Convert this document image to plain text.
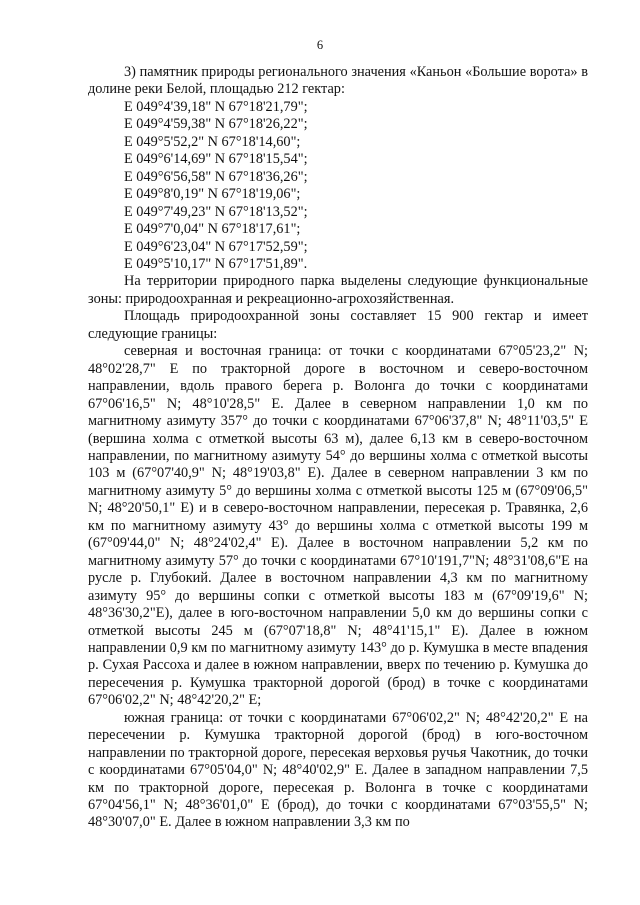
6

3) памятник природы регионального значения «Каньон «Большие ворота» в долине реки Белой, площадью 212 гектар:

Е 049°4'39,18" N 67°18'21,79";
Е 049°4'59,38" N 67°18'26,22";
Е 049°5'52,2" N 67°18'14,60";
Е 049°6'14,69" N 67°18'15,54";
Е 049°6'56,58" N 67°18'36,26";
Е 049°8'0,19" N 67°18'19,06";
Е 049°7'49,23" N 67°18'13,52";
Е 049°7'0,04" N 67°18'17,61";
Е 049°6'23,04" N 67°17'52,59";
Е 049°5'10,17" N 67°17'51,89".

На территории природного парка выделены следующие функциональные зоны: природоохранная и рекреационно-агрохозяйственная.

Площадь природоохранной зоны составляет 15 900 гектар и имеет следующие границы:

северная и восточная граница: от точки с координатами 67°05'23,2" N; 48°02'28,7" Е по тракторной дороге в восточном и северо-восточном направлении, вдоль правого берега р. Волонга до точки с координатами 67°06'16,5" N; 48°10'28,5" Е. Далее в северном направлении 1,0 км по магнитному азимуту 357° до точки с координатами 67°06'37,8" N; 48°11'03,5" Е (вершина холма с отметкой высоты 63 м), далее 6,13 км в северо-восточном направлении, по магнитному азимуту 54° до вершины холма с отметкой высоты 103 м (67°07'40,9" N; 48°19'03,8" Е). Далее в северном направлении 3 км по магнитному азимуту 5° до вершины холма с отметкой высоты 125 м (67°09'06,5" N; 48°20'50,1" Е) и в северо-восточном направлении, пересекая р. Травянка, 2,6 км по магнитному азимуту 43° до вершины холма с отметкой высоты 199 м (67°09'44,0" N; 48°24'02,4" Е). Далее в восточном направлении 5,2 км по магнитному азимуту 57° до точки с координатами 67°10'191,7"N; 48°31'08,6"Е на русле р. Глубокий. Далее в восточном направлении 4,3 км по магнитному азимуту 95° до вершины сопки с отметкой высоты 183 м (67°09'19,6" N; 48°36'30,2"Е), далее в юго-восточном направлении 5,0 км до вершины сопки с отметкой высоты 245 м (67°07'18,8" N; 48°41'15,1" Е). Далее в южном направлении 0,9 км по магнитному азимуту 143° до р. Кумушка в месте впадения р. Сухая Рассоха и далее в южном направлении, вверх по течению р. Кумушка до пересечения р. Кумушка тракторной дорогой (брод) в точке с координатами 67°06'02,2" N; 48°42'20,2" Е;

южная граница: от точки с координатами 67°06'02,2" N; 48°42'20,2" Е на пересечении р. Кумушка тракторной дорогой (брод) в юго-восточном направлении по тракторной дороге, пересекая верховья ручья Чакотник, до точки с координатами 67°05'04,0" N; 48°40'02,9" Е. Далее в западном направлении 7,5 км по тракторной дороге, пересекая р. Волонга в точке с координатами 67°04'56,1" N; 48°36'01,0" Е (брод), до точки с координатами 67°03'55,5" N; 48°30'07,0" Е. Далее в южном направлении 3,3 км по
